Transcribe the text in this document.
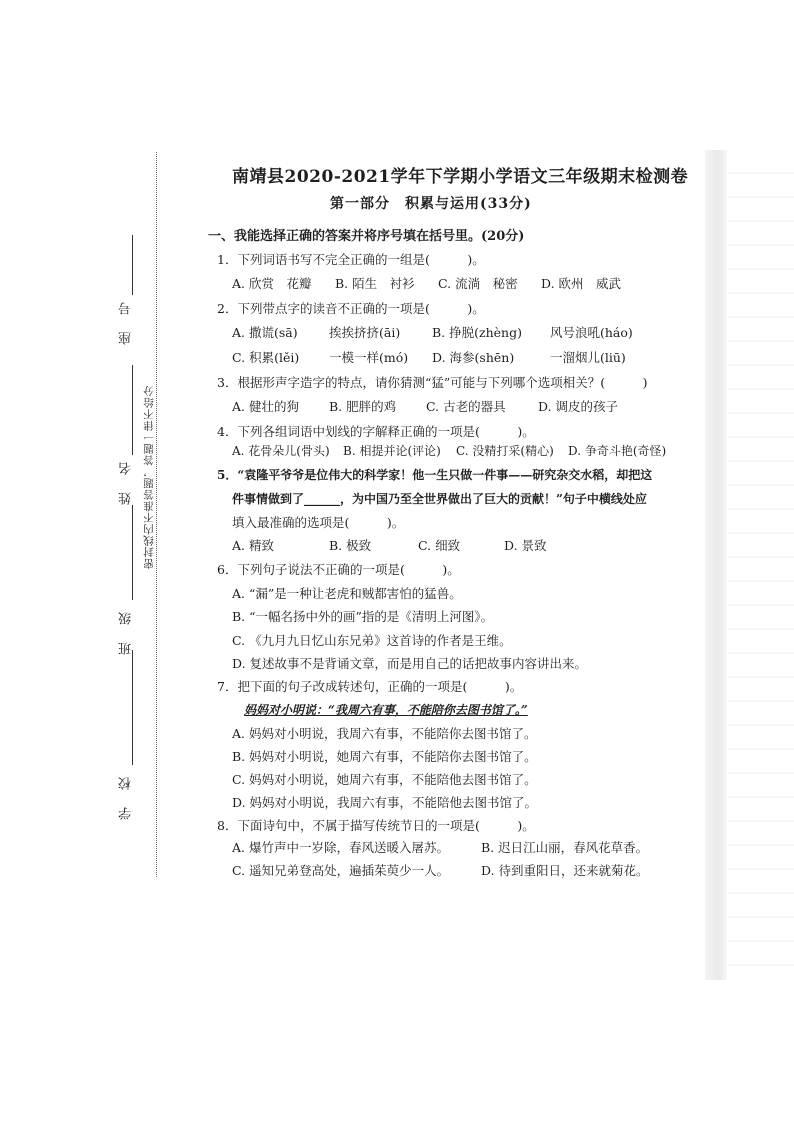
学　校
班　级
姓　名
座　号
密封线内不准答题，答题一律不给分
南靖县2020-2021学年下学期小学语文三年级期末检测卷
第一部分　积累与运用(33分)
一、我能选择正确的答案并将序号填在括号里。(20分)
1．下列词语书写不完全正确的一组是(　　　)。
A. 欣赏　花瓣 B. 陌生　衬衫 C. 流淌　秘密 D. 欧州　威武
2．下列带点字的读音不正确的一项是(　　　)。
A. 撒谎(sā)	挨挨挤挤(āi)	B. 挣脱(zhèng) 风号浪吼(háo)
C. 积累(lěi) 一模一样(mó) D. 海参(shēn)	一溜烟儿(liū)
3．根据形声字造字的特点，请你猜测“猛”可能与下列哪个选项相关？(　　　)
A. 健壮的狗 B. 肥胖的鸡 C. 古老的器具	D. 调皮的孩子
4．下列各组词语中划线的字解释正确的一项是(　　　)。
A. 花骨朵儿(骨头) B. 相提并论(评论) C. 没精打采(精心) D. 争奇斗艳(奇怪)
5．“袁隆平爷爷是位伟大的科学家！他一生只做一件事——研究杂交水稻，却把这
件事情做到了______，为中国乃至全世界做出了巨大的贡献！”句子中横线处应
填入最准确的选项是(　　　)。
A. 精致	B. 极致	C. 细致	D. 景致
6．下列句子说法不正确的一项是(　　　)。
A. “漏”是一种让老虎和贼都害怕的猛兽。
B. “一幅名扬中外的画”指的是《清明上河图》。
C. 《九月九日忆山东兄弟》这首诗的作者是王维。
D. 复述故事不是背诵文章，而是用自己的话把故事内容讲出来。
7．把下面的句子改成转述句，正确的一项是(　　　)。
妈妈对小明说：“我周六有事，不能陪你去图书馆了。”
A. 妈妈对小明说，我周六有事，不能陪你去图书馆了。
B. 妈妈对小明说，她周六有事，不能陪你去图书馆了。
C. 妈妈对小明说，她周六有事，不能陪他去图书馆了。
D. 妈妈对小明说，我周六有事，不能陪他去图书馆了。
8．下面诗句中，不属于描写传统节日的一项是(　　　)。
A. 爆竹声中一岁除，春风送暖入屠苏。	B. 迟日江山丽，春风花草香。
C. 遥知兄弟登高处，遍插茱萸少一人。	D. 待到重阳日，还来就菊花。
